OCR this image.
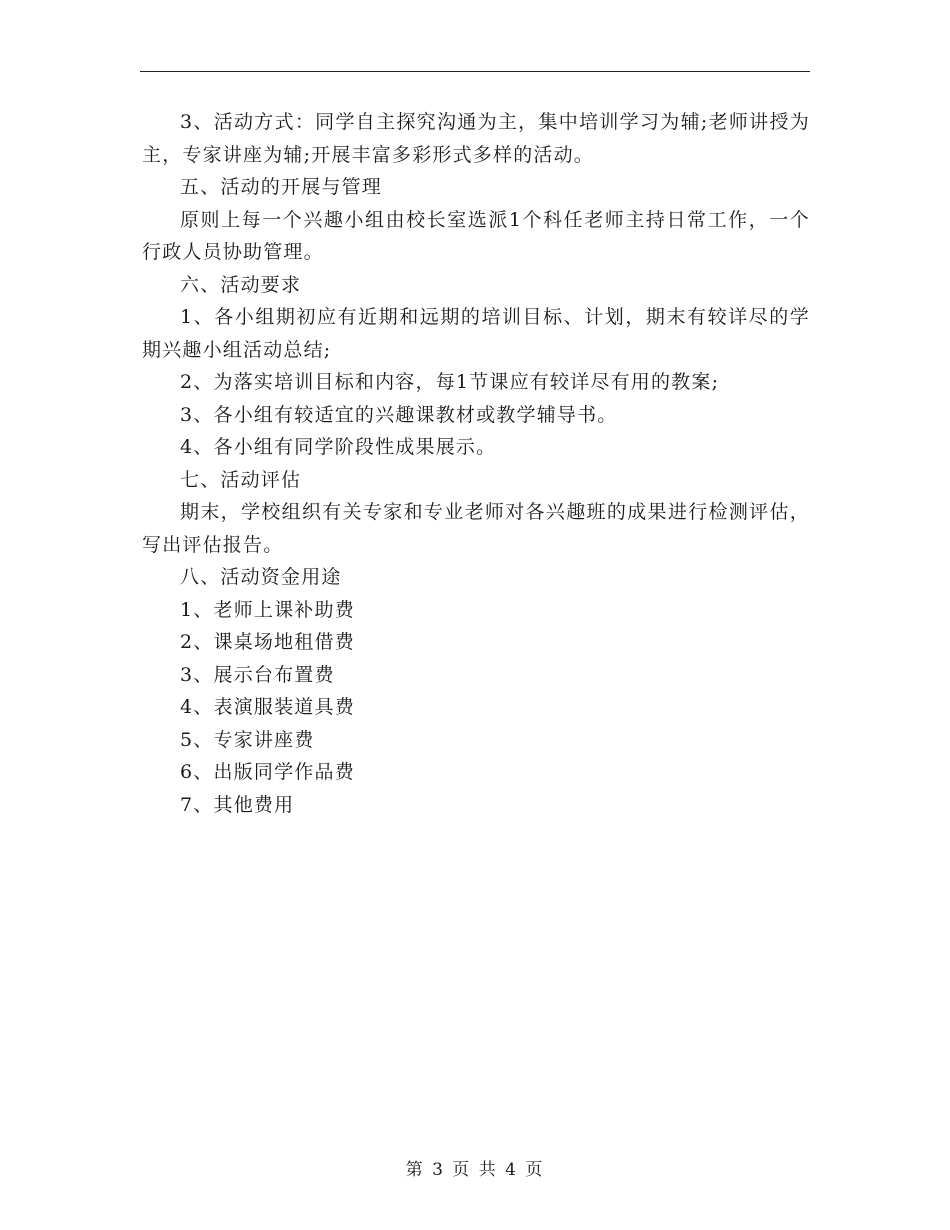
3、活动方式：同学自主探究沟通为主，集中培训学习为辅;老师讲授为主，专家讲座为辅;开展丰富多彩形式多样的活动。

五、活动的开展与管理

原则上每一个兴趣小组由校长室选派1个科任老师主持日常工作，一个行政人员协助管理。

六、活动要求

1、各小组期初应有近期和远期的培训目标、计划，期末有较详尽的学期兴趣小组活动总结;

2、为落实培训目标和内容，每1节课应有较详尽有用的教案;

3、各小组有较适宜的兴趣课教材或教学辅导书。

4、各小组有同学阶段性成果展示。

七、活动评估

期末，学校组织有关专家和专业老师对各兴趣班的成果进行检测评估，写出评估报告。

八、活动资金用途

1、老师上课补助费

2、课桌场地租借费

3、展示台布置费

4、表演服装道具费

5、专家讲座费

6、出版同学作品费

7、其他费用

第 3 页 共 4 页
